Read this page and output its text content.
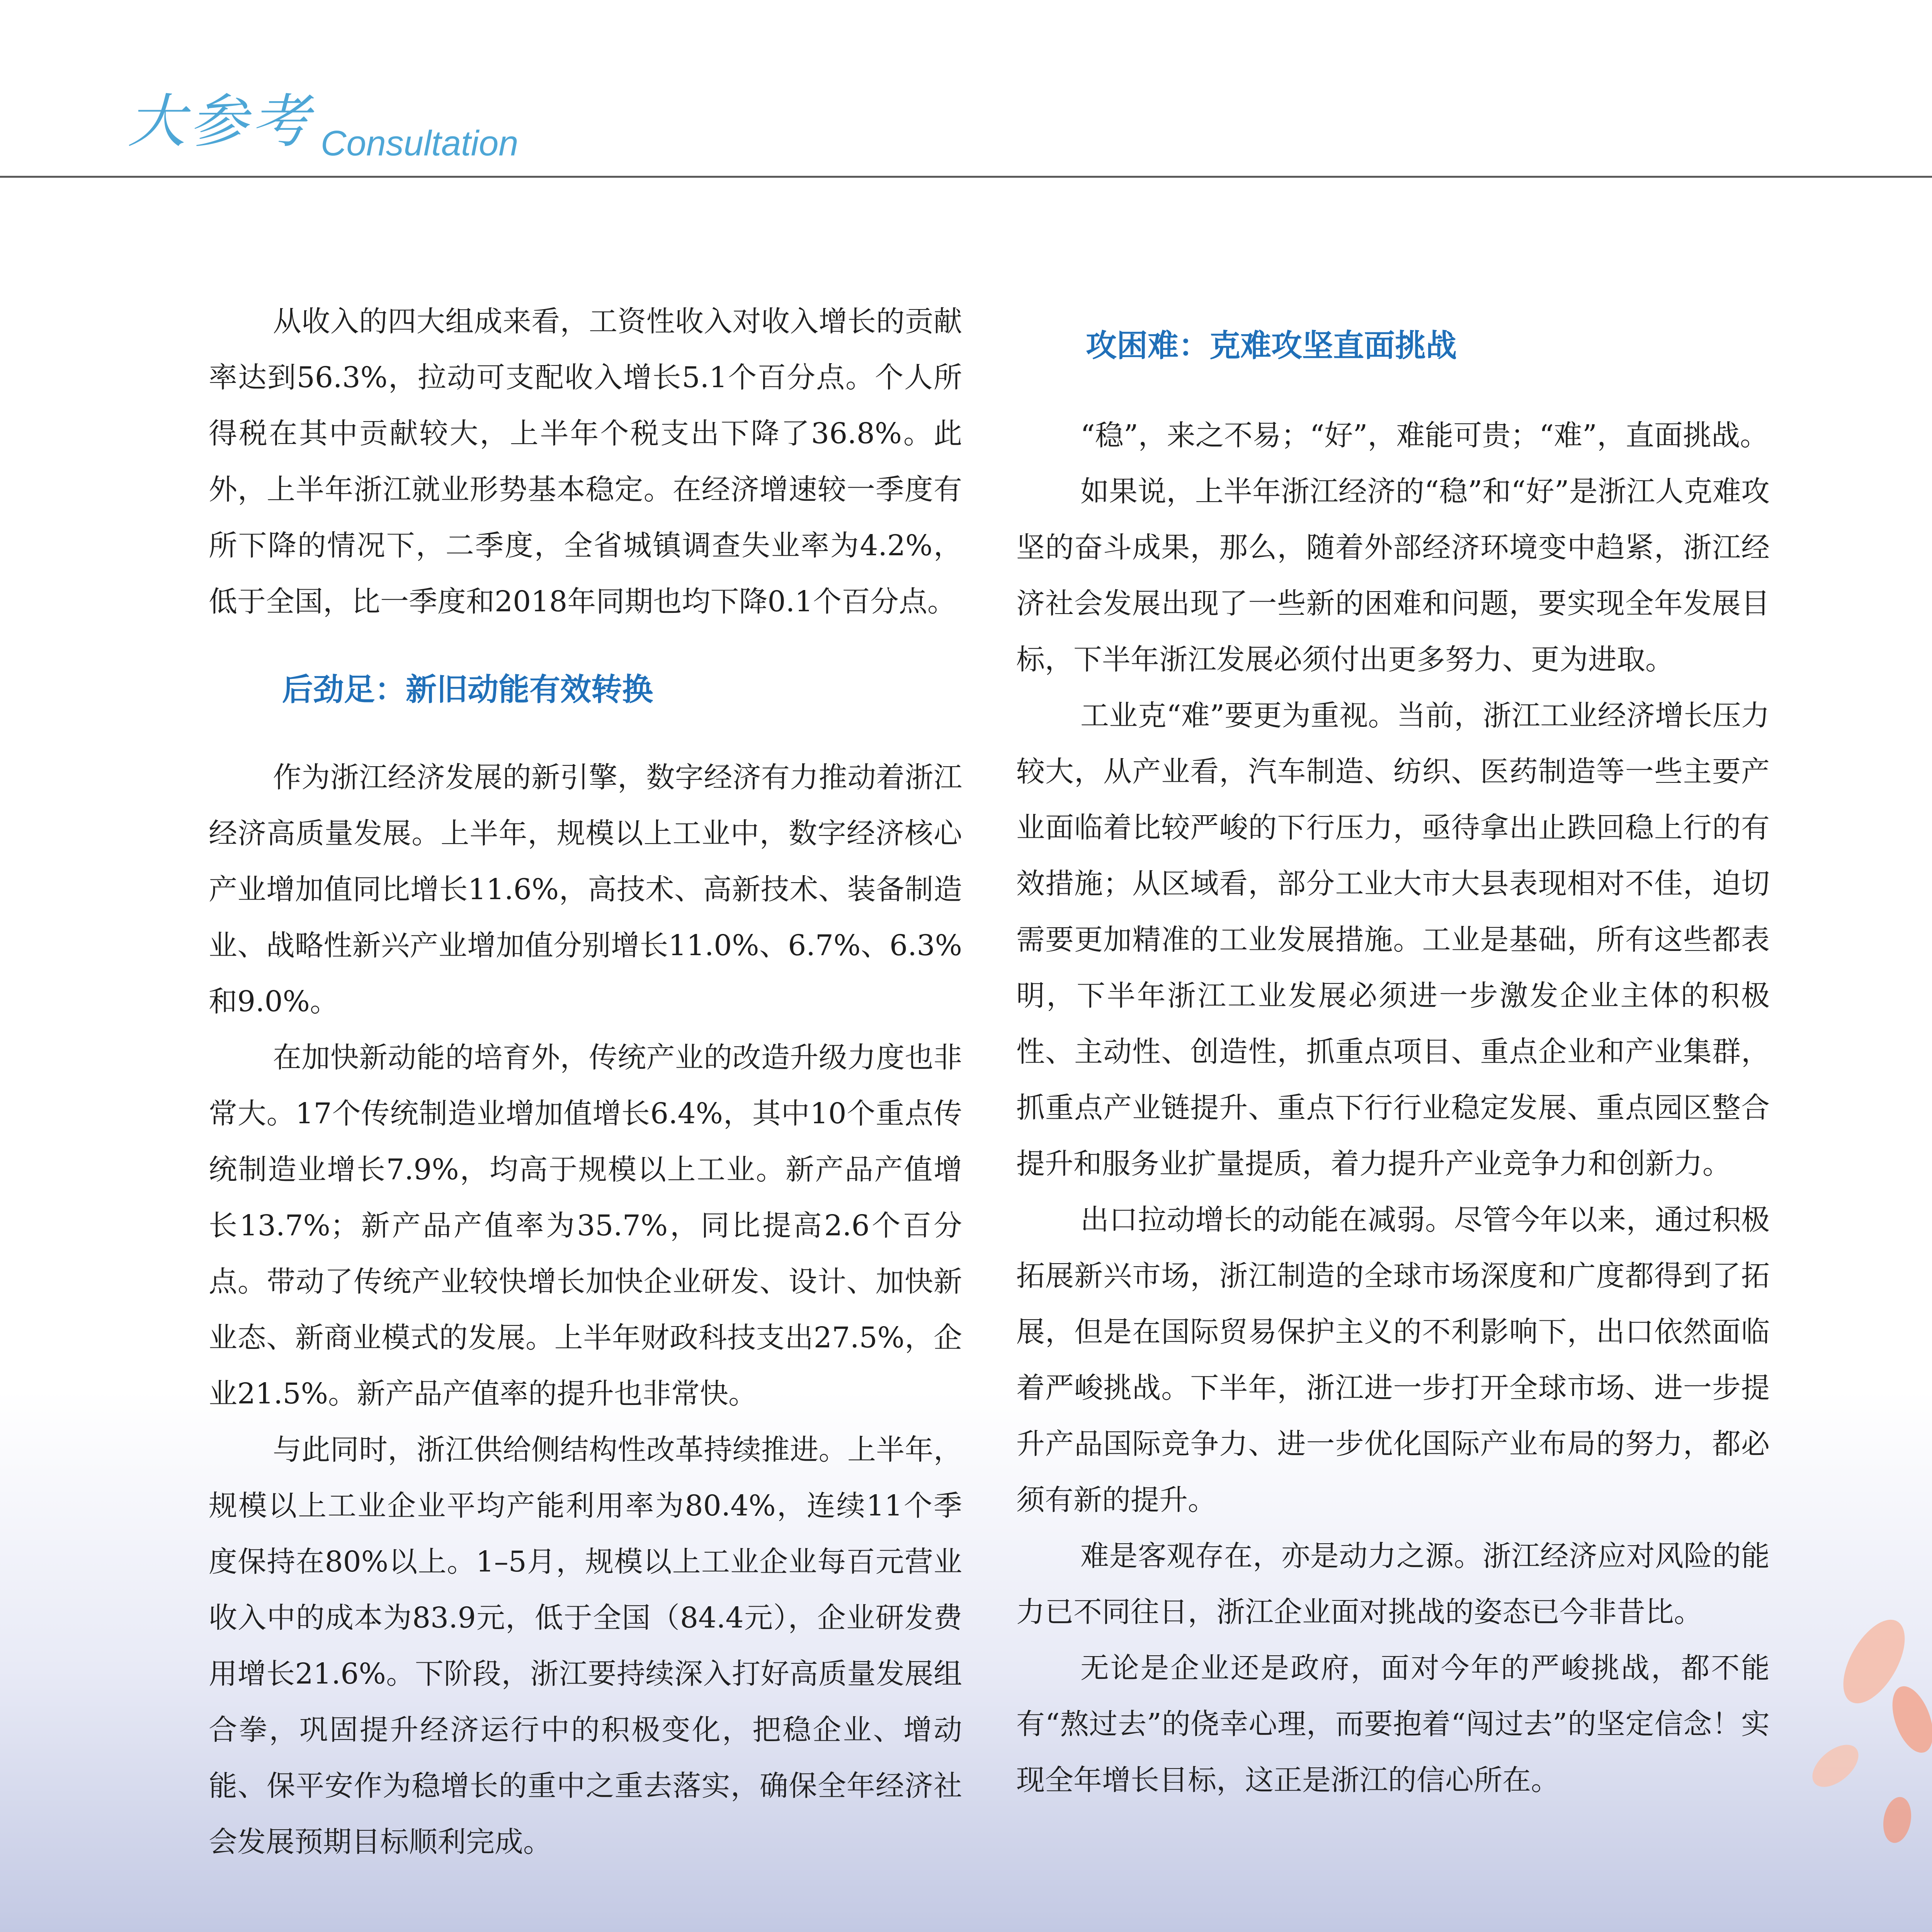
大参考 Consultation

从收入的四大组成来看，工资性收入对收入增长的贡献率达到56.3%，拉动可支配收入增长5.1个百分点。个人所得税在其中贡献较大，上半年个税支出下降了36.8%。此外，上半年浙江就业形势基本稳定。在经济增速较一季度有所下降的情况下，二季度，全省城镇调查失业率为4.2%，低于全国，比一季度和2018年同期也均下降0.1个百分点。

后劲足：新旧动能有效转换

作为浙江经济发展的新引擎，数字经济有力推动着浙江经济高质量发展。上半年，规模以上工业中，数字经济核心产业增加值同比增长11.6%，高技术、高新技术、装备制造业、战略性新兴产业增加值分别增长11.0%、6.7%、6.3%和9.0%。

在加快新动能的培育外，传统产业的改造升级力度也非常大。17个传统制造业增加值增长6.4%，其中10个重点传统制造业增长7.9%，均高于规模以上工业。新产品产值增长13.7%；新产品产值率为35.7%，同比提高2.6个百分点。带动了传统产业较快增长加快企业研发、设计、加快新业态、新商业模式的发展。上半年财政科技支出27.5%，企业21.5%。新产品产值率的提升也非常快。

与此同时，浙江供给侧结构性改革持续推进。上半年，规模以上工业企业平均产能利用率为80.4%，连续11个季度保持在80%以上。1–5月，规模以上工业企业每百元营业收入中的成本为83.9元，低于全国（84.4元），企业研发费用增长21.6%。下阶段，浙江要持续深入打好高质量发展组合拳，巩固提升经济运行中的积极变化，把稳企业、增动能、保平安作为稳增长的重中之重去落实，确保全年经济社会发展预期目标顺利完成。

攻困难：克难攻坚直面挑战

“稳”，来之不易；“好”，难能可贵；“难”，直面挑战。

如果说，上半年浙江经济的“稳”和“好”是浙江人克难攻坚的奋斗成果，那么，随着外部经济环境变中趋紧，浙江经济社会发展出现了一些新的困难和问题，要实现全年发展目标，下半年浙江发展必须付出更多努力、更为进取。

工业克“难”要更为重视。当前，浙江工业经济增长压力较大，从产业看，汽车制造、纺织、医药制造等一些主要产业面临着比较严峻的下行压力，亟待拿出止跌回稳上行的有效措施；从区域看，部分工业大市大县表现相对不佳，迫切需要更加精准的工业发展措施。工业是基础，所有这些都表明，下半年浙江工业发展必须进一步激发企业主体的积极性、主动性、创造性，抓重点项目、重点企业和产业集群，抓重点产业链提升、重点下行行业稳定发展、重点园区整合提升和服务业扩量提质，着力提升产业竞争力和创新力。

出口拉动增长的动能在减弱。尽管今年以来，通过积极拓展新兴市场，浙江制造的全球市场深度和广度都得到了拓展，但是在国际贸易保护主义的不利影响下，出口依然面临着严峻挑战。下半年，浙江进一步打开全球市场、进一步提升产品国际竞争力、进一步优化国际产业布局的努力，都必须有新的提升。

难是客观存在，亦是动力之源。浙江经济应对风险的能力已不同往日，浙江企业面对挑战的姿态已今非昔比。

无论是企业还是政府，面对今年的严峻挑战，都不能有“熬过去”的侥幸心理，而要抱着“闯过去”的坚定信念！实现全年增长目标，这正是浙江的信心所在。
